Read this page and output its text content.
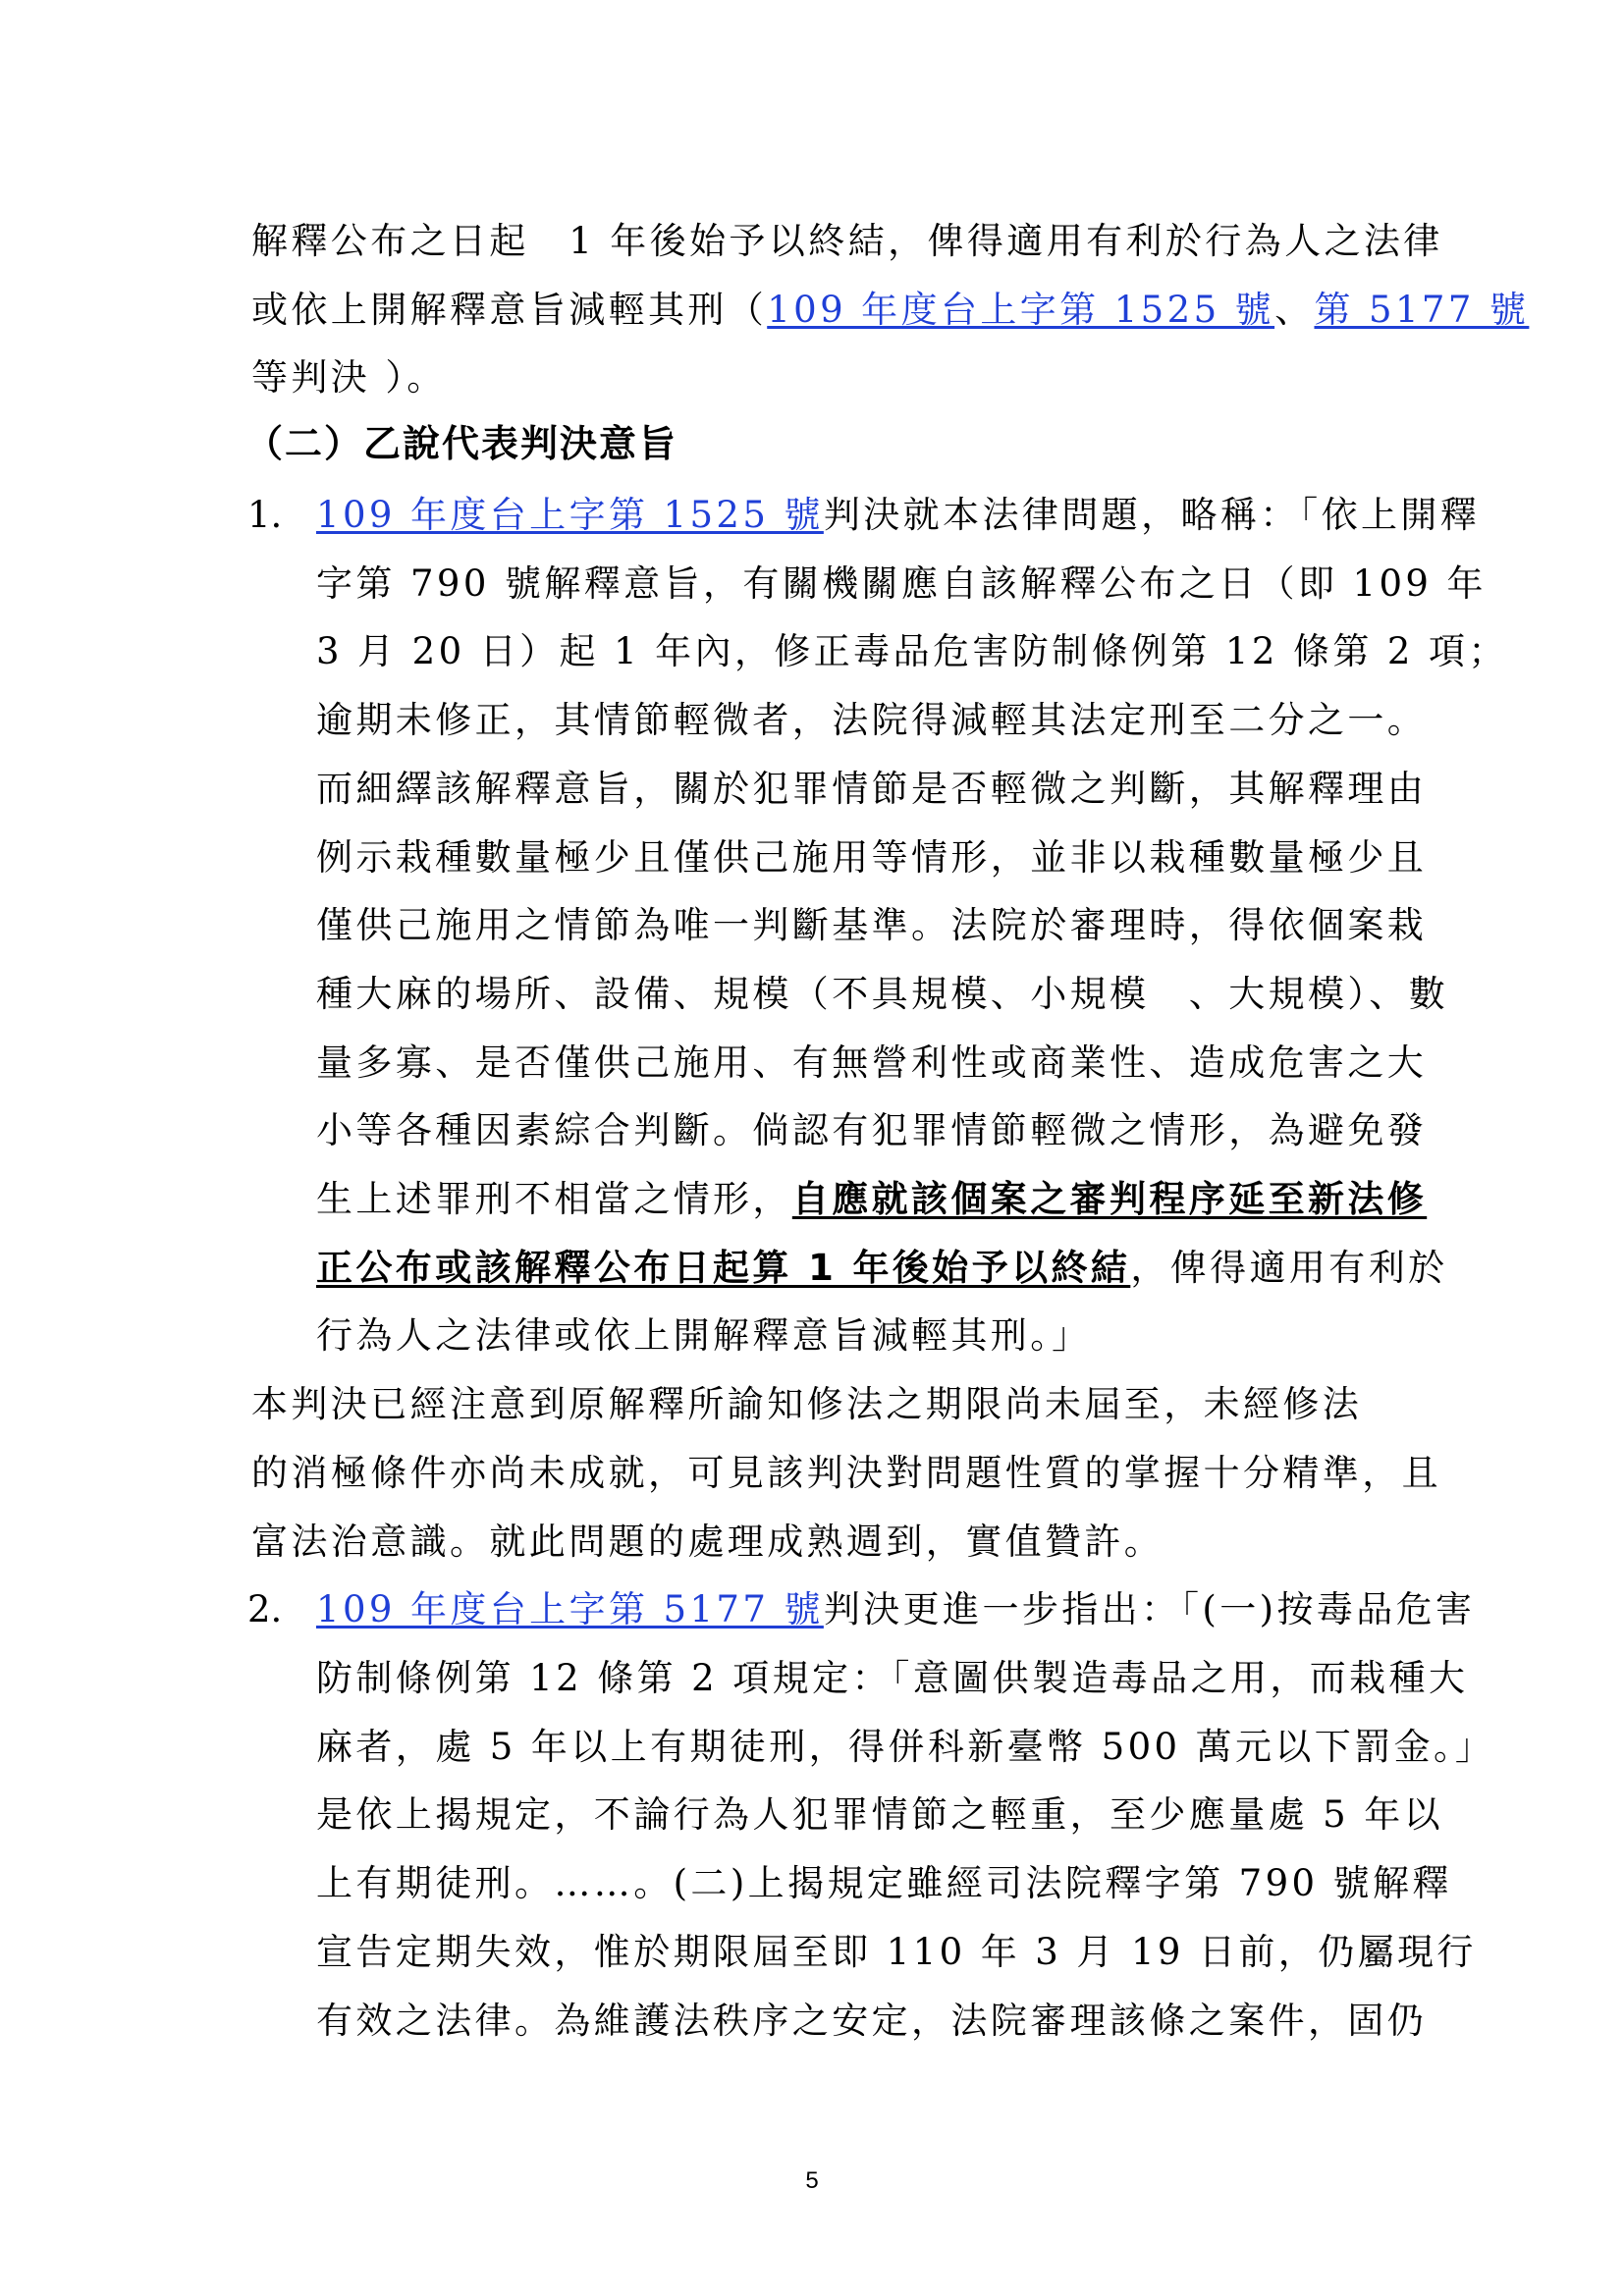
解釋公布之日起　1 年後始予以終結，俾得適用有利於行為人之法律
或依上開解釋意旨減輕其刑（109 年度台上字第 1525 號、第 5177 號
等判決 ）。
（二）乙說代表判決意旨
1. 109 年度台上字第 1525 號判決就本法律問題，略稱：「依上開釋
字第 790 號解釋意旨，有關機關應自該解釋公布之日（即 109 年
3 月 20 日）起 1 年內，修正毒品危害防制條例第 12 條第 2 項；
逾期未修正，其情節輕微者，法院得減輕其法定刑至二分之一。
而細繹該解釋意旨，關於犯罪情節是否輕微之判斷，其解釋理由
例示栽種數量極少且僅供己施用等情形，並非以栽種數量極少且
僅供己施用之情節為唯一判斷基準。法院於審理時，得依個案栽
種大麻的場所、設備、規模（不具規模、小規模　、大規模）、數
量多寡、是否僅供己施用、有無營利性或商業性、造成危害之大
小等各種因素綜合判斷。倘認有犯罪情節輕微之情形，為避免發
生上述罪刑不相當之情形，自應就該個案之審判程序延至新法修
正公布或該解釋公布日起算 1 年後始予以終結，俾得適用有利於
行為人之法律或依上開解釋意旨減輕其刑。」
本判決已經注意到原解釋所諭知修法之期限尚未屆至，未經修法
的消極條件亦尚未成就，可見該判決對問題性質的掌握十分精準，且
富法治意識。就此問題的處理成熟週到，實值贊許。
2. 109 年度台上字第 5177 號判決更進一步指出：「(一)按毒品危害
防制條例第 12 條第 2 項規定：「意圖供製造毒品之用，而栽種大
麻者，處 5 年以上有期徒刑，得併科新臺幣 500 萬元以下罰金。」
是依上揭規定，不論行為人犯罪情節之輕重，至少應量處 5 年以
上有期徒刑。……。(二)上揭規定雖經司法院釋字第 790 號解釋
宣告定期失效，惟於期限屆至即 110 年 3 月 19 日前，仍屬現行
有效之法律。為維護法秩序之安定，法院審理該條之案件，固仍
5
